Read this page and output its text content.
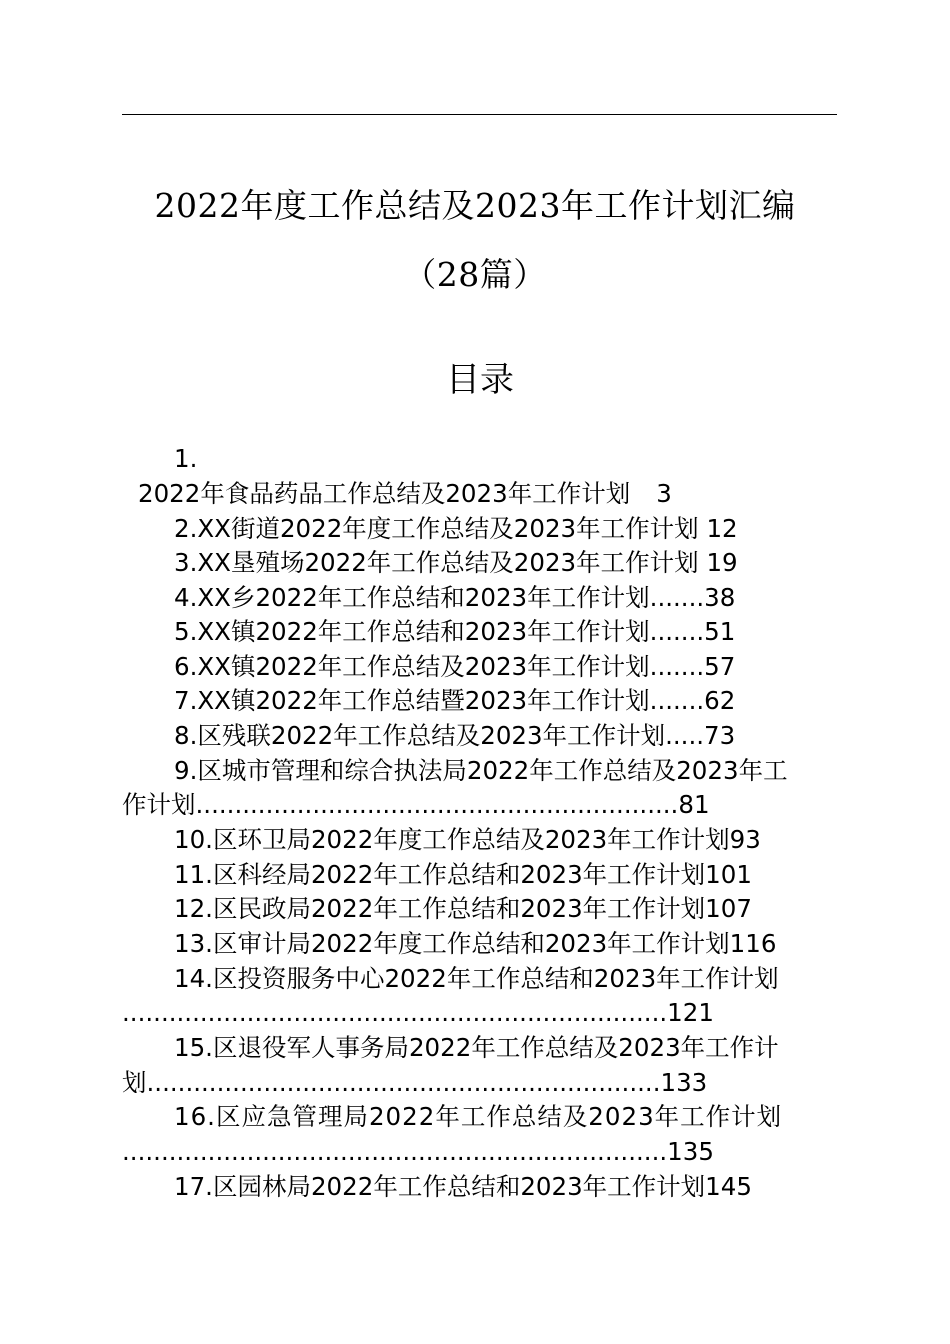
2022年度工作总结及2023年工作计划汇编
（28篇）
目录
1.
2022年食品药品工作总结及2023年工作计划 3
2.XX街道2022年度工作总结及2023年工作计划 12
3.XX垦殖场2022年工作总结及2023年工作计划 19
4.XX乡2022年工作总结和2023年工作计划.......38
5.XX镇2022年工作总结和2023年工作计划.......51
6.XX镇2022年工作总结及2023年工作计划.......57
7.XX镇2022年工作总结暨2023年工作计划.......62
8.区残联2022年工作总结及2023年工作计划.....73
9.区城市管理和综合执法局2022年工作总结及2023年工
作计划..............................................................81
10.区环卫局2022年度工作总结及2023年工作计划93
11.区科经局2022年工作总结和2023年工作计划101
12.区民政局2022年工作总结和2023年工作计划107
13.区审计局2022年度工作总结和2023年工作计划116
14.区投资服务中心2022年工作总结和2023年工作计划
......................................................................121
15.区退役军人事务局2022年工作总结及2023年工作计
划..................................................................133
16.区应急管理局2022年工作总结及2023年工作计划
......................................................................135
17.区园林局2022年工作总结和2023年工作计划145
